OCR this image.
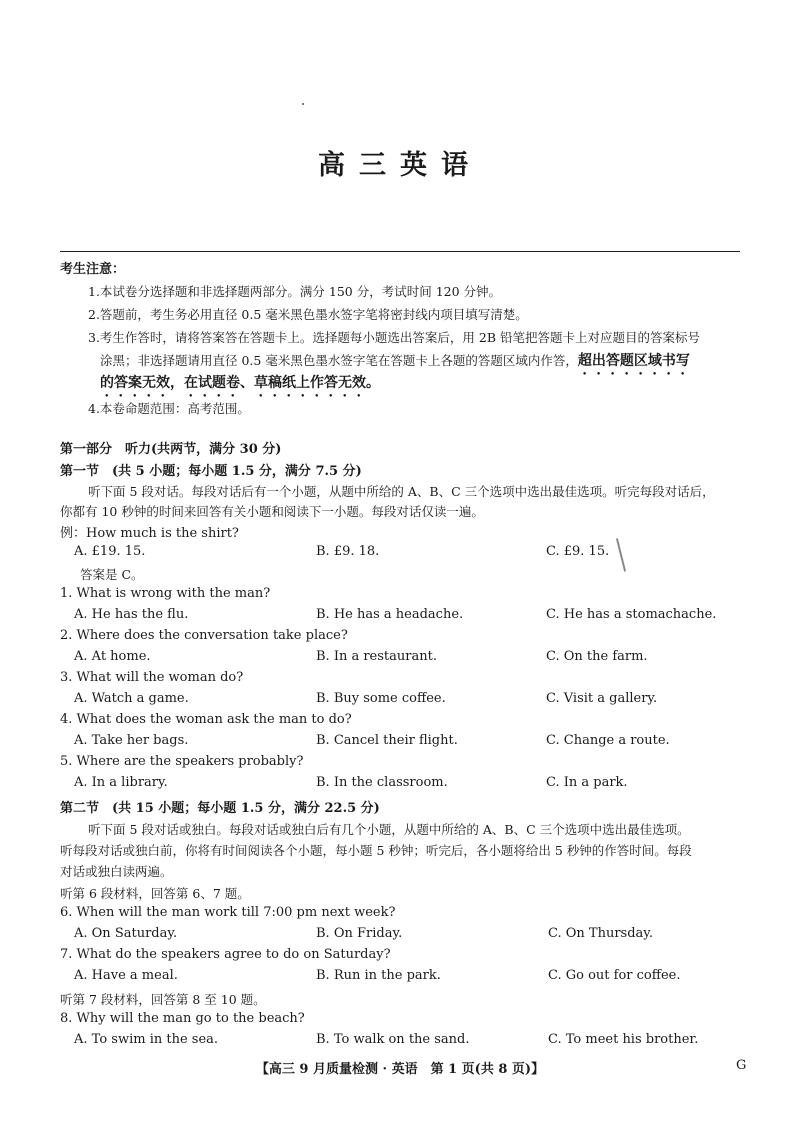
高三英语
考生注意：
1.本试卷分选择题和非选择题两部分。满分 150 分，考试时间 120 分钟。
2.答题前，考生务必用直径 0.5 毫米黑色墨水签字笔将密封线内项目填写清楚。
3.考生作答时，请将答案答在答题卡上。选择题每小题选出答案后，用 2B 铅笔把答题卡上对应题目的答案标号
涂黑；非选择题请用直径 0.5 毫米黑色墨水签字笔在答题卡上各题的答题区域内作答，超出答题区域书写
的答案无效，在试题卷、草稿纸上作答无效。
4.本卷命题范围：高考范围。
第一部分　听力(共两节，满分 30 分)
第一节　(共 5 小题；每小题 1.5 分，满分 7.5 分)
听下面 5 段对话。每段对话后有一个小题，从题中所给的 A、B、C 三个选项中选出最佳选项。听完每段对话后，
你都有 10 秒钟的时间来回答有关小题和阅读下一小题。每段对话仅读一遍。
例：How much is the shirt?
A. £19. 15.	B. £9. 18.	C. £9. 15.
答案是 C。
1. What is wrong with the man?
A. He has the flu.	B. He has a headache.	C. He has a stomachache.
2. Where does the conversation take place?
A. At home.	B. In a restaurant.	C. On the farm.
3. What will the woman do?
A. Watch a game.	B. Buy some coffee.	C. Visit a gallery.
4. What does the woman ask the man to do?
A. Take her bags.	B. Cancel their flight.	C. Change a route.
5. Where are the speakers probably?
A. In a library.	B. In the classroom.	C. In a park.
第二节　(共 15 小题；每小题 1.5 分，满分 22.5 分)
听下面 5 段对话或独白。每段对话或独白后有几个小题，从题中所给的 A、B、C 三个选项中选出最佳选项。
听每段对话或独白前，你将有时间阅读各个小题，每小题 5 秒钟；听完后，各小题将给出 5 秒钟的作答时间。每段
对话或独白读两遍。
听第 6 段材料，回答第 6、7 题。
6. When will the man work till 7:00 pm next week?
A. On Saturday.	B. On Friday.	C. On Thursday.
7. What do the speakers agree to do on Saturday?
A. Have a meal.	B. Run in the park.	C. Go out for coffee.
听第 7 段材料，回答第 8 至 10 题。
8. Why will the man go to the beach?
A. To swim in the sea.	B. To walk on the sand.	C. To meet his brother.
【高三 9 月质量检测 · 英语　第 1 页(共 8 页)】	G
